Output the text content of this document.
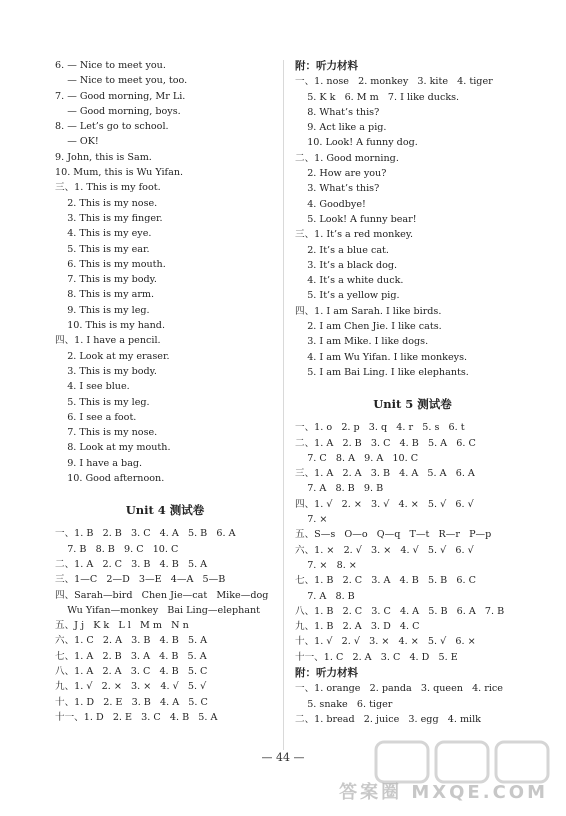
6. — Nice to meet you.
— Nice to meet you, too.
7. — Good morning, Mr Li.
— Good morning, boys.
8. — Let’s go to school.
— OK!
9. John, this is Sam.
10. Mum, this is Wu Yifan.
三、1. This is my foot.
2. This is my nose.
3. This is my finger.
4. This is my eye.
5. This is my ear.
6. This is my mouth.
7. This is my body.
8. This is my arm.
9. This is my leg.
10. This is my hand.
四、1. I have a pencil.
2. Look at my eraser.
3. This is my body.
4. I see blue.
5. This is my leg.
6. I see a foot.
7. This is my nose.
8. Look at my mouth.
9. I have a bag.
10. Good afternoon.
Unit 4 测试卷
一、1. B   2. B   3. C   4. A   5. B   6. A
7. B   8. B   9. C   10. C
二、1. A   2. C   3. B   4. B   5. A
三、1—C   2—D   3—E   4—A   5—B
四、Sarah—bird   Chen Jie—cat   Mike—dog
Wu Yifan—monkey   Bai Ling—elephant
五、J j   K k   L l   M m   N n
六、1. C   2. A   3. B   4. B   5. A
七、1. A   2. B   3. A   4. B   5. A
八、1. A   2. A   3. C   4. B   5. C
九、1. √   2. ×   3. ×   4. √   5. √
十、1. D   2. E   3. B   4. A   5. C
十一、1. D   2. E   3. C   4. B   5. A
附：听力材料
一、1. nose   2. monkey   3. kite   4. tiger
5. K k   6. M m   7. I like ducks.
8. What’s this?
9. Act like a pig.
10. Look! A funny dog.
二、1. Good morning.
2. How are you?
3. What’s this?
4. Goodbye!
5. Look! A funny bear!
三、1. It’s a red monkey.
2. It’s a blue cat.
3. It’s a black dog.
4. It’s a white duck.
5. It’s a yellow pig.
四、1. I am Sarah. I like birds.
2. I am Chen Jie. I like cats.
3. I am Mike. I like dogs.
4. I am Wu Yifan. I like monkeys.
5. I am Bai Ling. I like elephants.
Unit 5 测试卷
一、1. o   2. p   3. q   4. r   5. s   6. t
二、1. A   2. B   3. C   4. B   5. A   6. C
7. C   8. A   9. A   10. C
三、1. A   2. A   3. B   4. A   5. A   6. A
7. A   8. B   9. B
四、1. √   2. ×   3. √   4. ×   5. √   6. √
7. ×
五、S—s   O—o   Q—q   T—t   R—r   P—p
六、1. ×   2. √   3. ×   4. √   5. √   6. √
7. ×   8. ×
七、1. B   2. C   3. A   4. B   5. B   6. C
7. A   8. B
八、1. B   2. C   3. C   4. A   5. B   6. A   7. B
九、1. B   2. A   3. D   4. C
十、1. √   2. √   3. ×   4. ×   5. √   6. ×
十一、1. C   2. A   3. C   4. D   5. E
附：听力材料
一、1. orange   2. panda   3. queen   4. rice
5. snake   6. tiger
二、1. bread   2. juice   3. egg   4. milk
— 44 —
答案圈 MXQE.COM
